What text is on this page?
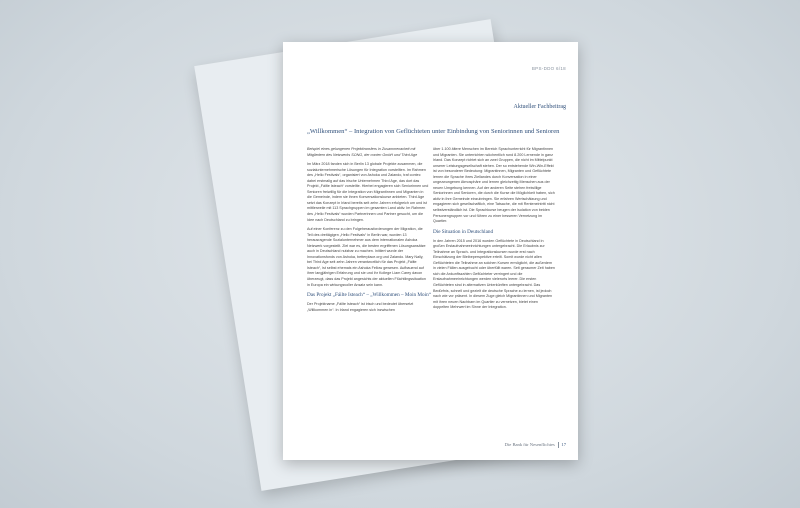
BPS-DDO 6/18
Aktueller Fachbeitrag
„Willkommen“ – Integration von Geflüchteten unter Einbindung von Seniorinnen und Senioren

Beispiel eines gelungenen Projekttransfers in Zusammenarbeit mit Mitgliedern des Netzwerks SONG, der contec GmbH und Third Age

Im März 2018 fanden sich in Berlin 13 globale Projekte zusammen, die sozialunternehmerische Lösungen für Integration vorstellten. Im Rahmen des „Hello Festivals“, organisiert von Ashoka und Zalando, traf contec dabei erstmalig auf das irische Unternehmen Third Age, das dort das Projekt „Fáilte Isteach“ vorstellte. Hierbei engagieren sich Seniorinnen und Senioren freiwillig für die Integration von Migrantinnen und Migranten in die Gemeinde, indem sie ihnen Konversationskurse anbieten. Third Age setzt das Konzept in Irland bereits seit zehn Jahren erfolgreich um und ist mittlerweile mit 113 Sprachgruppen im gesamten Land aktiv. Im Rahmen des „Hello Festivals“ wurden Partnerinnen und Partner gesucht, um die Idee nach Deutschland zu bringen.

Auf einer Konferenz zu den Folgeherausforderungen der Migration, die Teil des dreitägigen „Hello Festivals“ in Berlin war, wurden 13 herausragende Sozialunternehmer aus dem internationalen Ashoka Netzwerk vorgestellt. Ziel war es, die besten ergriffenen Lösungsansätze auch in Deutschland nutzbar zu machen. Initiiert wurde der Innovationsfonds von Ashoka, betterplace.org und Zalando. Mary Nally, bei Third Age seit zehn Jahren verantwortlich für das Projekt „Fáilte Isteach“, ist selbst ehemals ein Ashoka Fellow gewesen. Aufbauend auf ihrer langjährigen Erfahrung und sie und ihr Kollege Liam Carey davon überzeugt, dass das Projekt angesichts der aktuellen Flüchtlingssituation in Europa ein wirkungsvoller Ansatz sein kann.

Das Projekt „Fáilte Isteach“ – „Willkommen – Moin Moin“

Der Projektname „Fáilte Isteach“ ist irisch und bedeutet übersetzt „Willkommen in“. In Irland engagieren sich inzwischen

über 1.100 ältere Menschen im Bereich Sprachunterricht für Migrantinnen und Migranten. Sie unterrichten wöchentlich rund 8.200 Lernende in ganz Irland. Das Konzept richtet sich an zwei Gruppen, die nicht im Mittelpunkt unserer Leistungsgesellschaft stehen. Der so entstehende Win-Win-Effekt ist von besonderer Bedeutung: Migrantinnen, Migranten und Geflüchtete lernen die Sprache ihres Ziellandes durch Konversation in einer ungezwungenen Atmosphäre und lernen gleichzeitig Menschen aus der neuen Umgebung kennen. Auf der anderen Seite stehen freiwillige Seniorinnen und Senioren, die durch die Kurse die Möglichkeit haben, sich aktiv in ihre Gemeinde einzubringen. Sie erfahren Wertschätzung und engagieren sich gesellschaftlich, eine Tatsache, die mit Renteneintritt nicht selbstverständlich ist. Die Sprachkurse beugen der Isolation von beiden Personengruppen vor und führen zu einer besseren Vernetzung im Quartier.

Die Situation in Deutschland

In den Jahren 2015 und 2016 wurden Geflüchtete in Deutschland in großen Erstaufnahmeeinrichtungen untergebracht. Die Erlaubnis zur Teilnahme an Sprach- und Integrationskursen wurde erst nach Einschätzung der Bleibeperspektive erteilt. Somit wurde nicht allen Geflüchteten die Teilnahme an solchen Kursen ermöglicht, die außerdem in vielen Fällen ausgebucht oder überfüllt waren. Seit geraumer Zeit haben sich die Ankunftszahlen Geflüchteter verringert und die Erstaufnahmeeinrichtungen werden vielerorts leerer. Die ersten Geflüchteten sind in alternativen Unterkünften untergebracht. Das Bedürfnis, schnell und gezielt die deutsche Sprache zu lernen, ist jedoch nach wie vor präsent. In diesem Zuge gleich Migrantinnen und Migranten mit ihren neuen Nachbarn im Quartier zu vernetzen, bietet einen doppelten Mehrwert im Sinne der Integration.

Die Bank für Nesenflichtes 17
